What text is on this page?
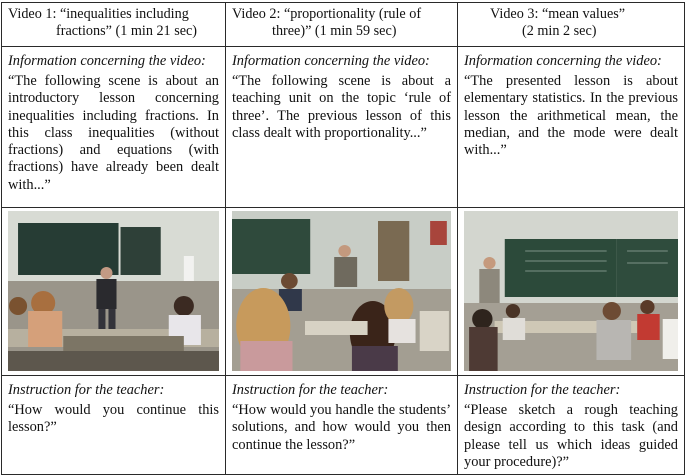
Video 1: “inequalities including
fractions” (1 min 21 sec)	Video 2: “proportionality (rule of
three)” (1 min 59 sec)	Video 3: “mean values”
(2 min 2 sec)

Information concerning the video:
“The following scene is about an introductory lesson concerning inequalities including fractions. In this class inequalities (without fractions) and equations (with fractions) have already been dealt with...”	Information concerning the video:
“The following scene is about a teaching unit on the topic ‘rule of three’. The previous lesson of this class dealt with proportionality...”	Information concerning the video:
“The presented lesson is about elementary statistics. In the previous lesson the arithmetical mean, the median, and the mode were dealt with...”

Instruction for the teacher:
“How would you continue this lesson?”	Instruction for the teacher:
“How would you handle the students’ solutions, and how would you then continue the lesson?”	Instruction for the teacher:
“Please sketch a rough teaching design according to this task (and please tell us which ideas guided your procedure)?”
